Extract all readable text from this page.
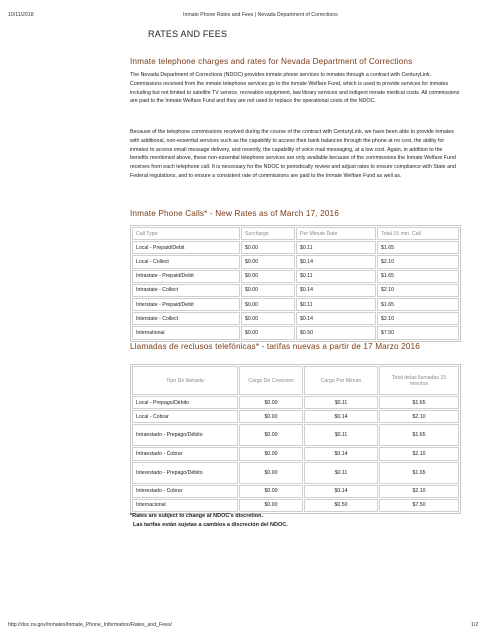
10/11/2018	Inmate Phone Rates and Fees | Nevada Department of Corrections
RATES AND FEES
Inmate telephone charges and rates for Nevada Department of Corrections
The Nevada Department of Corrections (NDOC) provides inmate phone services to inmates through a contract with CenturyLink. Commissions received from the inmate telephone services go to the Inmate Welfare Fund, which is used to provide services for inmates including but not limited to satellite TV service, recreation equipment, law library services and indigent inmate medical costs. All commissions are paid to the Inmate Welfare Fund and they are not used to replace the operational costs of the NDOC.
Because of the telephone commissions received during the course of the contract with CenturyLink, we have been able to provide inmates with additional, non-essential services such as the capability to access their bank balances through the phone at no cost, the ability for inmates to access email message delivery, and recently, the capability of voice mail messaging, at a low cost. Again, in addition to the benefits mentioned above, these non-essential telephone services are only available because of the commissions the Inmate Welfare Fund receives from each telephone call. It is necessary for the NDOC to periodically review and adjust rates to ensure compliance with State and Federal regulations, and to ensure a consistent rate of commissions are paid to the Inmate Welfare Fund as well as.
Inmate Phone Calls* - New Rates as of March 17, 2016
Call Type	Surcharge	Per Minute Rate	Total 15 min. Call
Local - Prepaid/Debit	$0.00	$0.11	$1.65
Local - Collect	$0.00	$0.14	$2.10
Intrastate - Prepaid/Debit	$0.00	$0.11	$1.65
Intrastate - Collect	$0.00	$0.14	$2.10
Interstate - Prepaid/Debit	$0.00	$0.11	$1.65
Interstate - Collect	$0.00	$0.14	$2.10
International	$0.00	$0.50	$7.50
Llamadas de reclusos telefónicas* - tarifas nuevas a partir de 17 Marzo 2016
Tipo De llamada	Cargo De Conexion	Cargo Por Minuto	Total delas llamadas 15 minutos
Local - Prepago/Débito	$0.00	$0.11	$1.65
Local - Cobrar	$0.00	$0.14	$2.10
Intraestado - Prepago/Débito	$0.00	$0.11	$1.65
Intraestado - Cobrar	$0.00	$0.14	$2.10
Interestado - Prepago/Débito	$0.00	$0.11	$1.65
Interestado - Cobrar	$0.00	$0.14	$2.10
Internacional	$0.00	$0.50	$7.50
*Rates are subject to change at NDOC's discretion.
Las tarifas están sujetas a cambios a discreción del NDOC.
http://doc.nv.gov/Inmates/Inmate_Phone_Information/Rates_and_Fees/	1/2
